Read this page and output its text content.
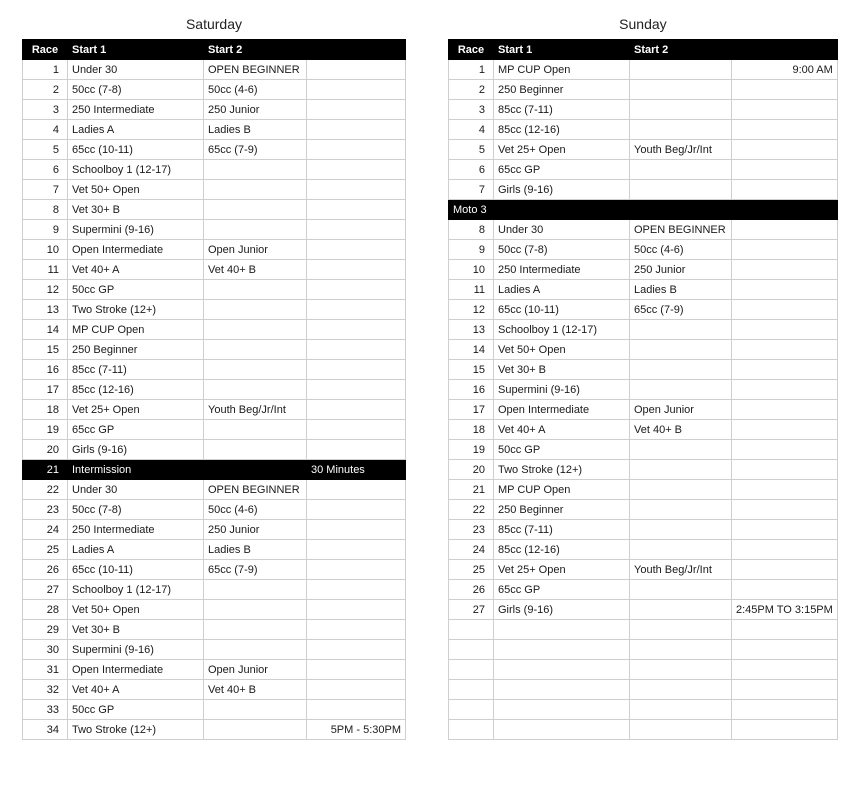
Saturday
Race	Start 1	Start 2	
1	Under 30	OPEN BEGINNER	
2	50cc (7-8)	50cc (4-6)	
3	250 Intermediate	250 Junior	
4	Ladies A	Ladies B	
5	65cc (10-11)	65cc (7-9)	
6	Schoolboy 1 (12-17)		
7	Vet 50+ Open		
8	Vet 30+ B		
9	Supermini (9-16)		
10	Open Intermediate	Open Junior	
11	Vet 40+ A	Vet 40+ B	
12	50cc GP		
13	Two Stroke (12+)		
14	MP CUP Open		
15	250 Beginner		
16	85cc (7-11)		
17	85cc (12-16)		
18	Vet 25+ Open	Youth Beg/Jr/Int	
19	65cc GP		
20	Girls (9-16)		
21	Intermission		30 Minutes
22	Under 30	OPEN BEGINNER	
23	50cc (7-8)	50cc (4-6)	
24	250 Intermediate	250 Junior	
25	Ladies A	Ladies B	
26	65cc (10-11)	65cc (7-9)	
27	Schoolboy 1 (12-17)		
28	Vet 50+ Open		
29	Vet 30+ B		
30	Supermini (9-16)		
31	Open Intermediate	Open Junior	
32	Vet 40+ A	Vet 40+ B	
33	50cc GP		
34	Two Stroke (12+)		5PM - 5:30PM
Sunday
Race	Start 1	Start 2	
1	MP CUP Open		9:00 AM
2	250 Beginner		
3	85cc (7-11)		
4	85cc (12-16)		
5	Vet 25+ Open	Youth Beg/Jr/Int	
6	65cc GP		
7	Girls (9-16)		
Moto 3			
8	Under 30	OPEN BEGINNER	
9	50cc (7-8)	50cc (4-6)	
10	250 Intermediate	250 Junior	
11	Ladies A	Ladies B	
12	65cc (10-11)	65cc (7-9)	
13	Schoolboy 1 (12-17)		
14	Vet 50+ Open		
15	Vet 30+ B		
16	Supermini (9-16)		
17	Open Intermediate	Open Junior	
18	Vet 40+ A	Vet 40+ B	
19	50cc GP		
20	Two Stroke (12+)		
21	MP CUP Open		
22	250 Beginner		
23	85cc (7-11)		
24	85cc (12-16)		
25	Vet 25+ Open	Youth Beg/Jr/Int	
26	65cc GP		
27	Girls (9-16)		2:45PM TO 3:15PM
